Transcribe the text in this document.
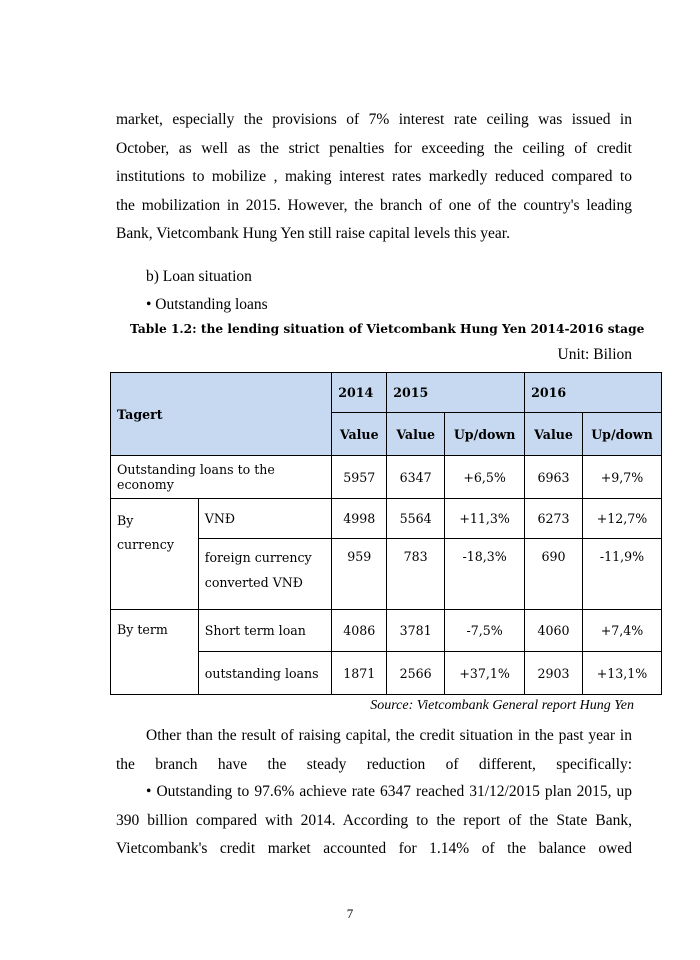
market, especially the provisions of 7% interest rate ceiling was issued in

October, as well as the strict penalties for exceeding the ceiling of credit

institutions to mobilize , making interest rates markedly reduced compared to

the mobilization in 2015. However, the branch of one of the country's leading

Bank, Vietcombank Hung Yen still raise capital levels this year.

b) Loan situation

• Outstanding loans

Table 1.2: the lending situation of Vietcombank Hung Yen 2014-2016 stage
Unit: Bilion
Tagert		2014	2015		2016	
		Value	Value	Up/down	Value	Up/down
Outstanding loans to the economy		5957	6347	+6,5%	6963	+9,7%
By currency	VNĐ	4998	5564	+11,3%	6273	+12,7%
	foreign currency converted VNĐ	959	783	-18,3%	690	-11,9%
By term	Short term loan	4086	3781	-7,5%	4060	+7,4%
	outstanding loans	1871	2566	+37,1%	2903	+13,1%
Source: Vietcombank General report Hung Yen

Other than the result of raising capital, the credit situation in the past year in the branch have the steady reduction of different, specifically:

• Outstanding to 97.6% achieve rate 6347 reached 31/12/2015 plan 2015, up 390 billion compared with 2014. According to the report of the State Bank, Vietcombank's credit market accounted for 1.14% of the balance owed

7
